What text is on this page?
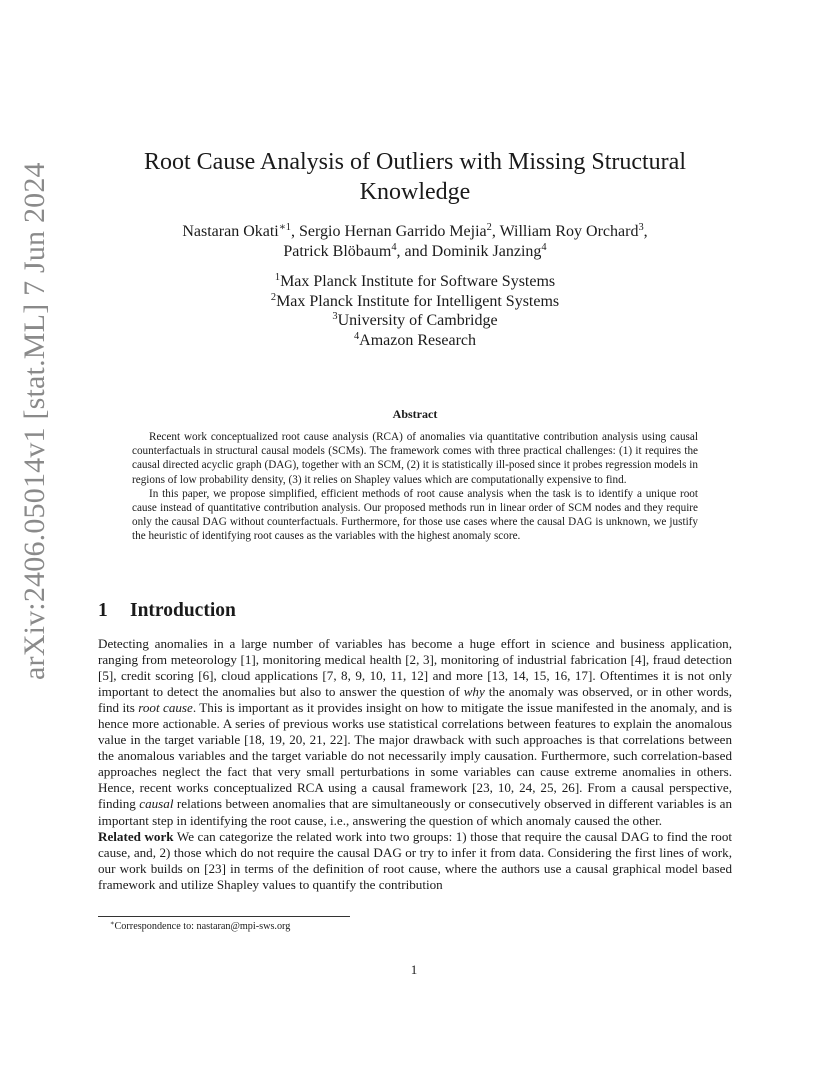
arXiv:2406.05014v1 [stat.ML] 7 Jun 2024
Root Cause Analysis of Outliers with Missing Structural Knowledge
Nastaran Okati$^{∗1}$, Sergio Hernan Garrido Mejia$^2$, William Roy Orchard$^3$,
Patrick Blöbaum$^4$, and Dominik Janzing$^4$
$^1$Max Planck Institute for Software Systems
$^2$Max Planck Institute for Intelligent Systems
$^3$University of Cambridge
$^4$Amazon Research
Abstract

Recent work conceptualized root cause analysis (RCA) of anomalies via quantitative contribution analysis using causal counterfactuals in structural causal models (SCMs). The framework comes with three practical challenges: (1) it requires the causal directed acyclic graph (DAG), together with an SCM, (2) it is statistically ill-posed since it probes regression models in regions of low probability density, (3) it relies on Shapley values which are computationally expensive to find.

In this paper, we propose simplified, efficient methods of root cause analysis when the task is to identify a unique root cause instead of quantitative contribution analysis. Our proposed methods run in linear order of SCM nodes and they require only the causal DAG without counterfactuals. Furthermore, for those use cases where the causal DAG is unknown, we justify the heuristic of identifying root causes as the variables with the highest anomaly score.

1 Introduction

Detecting anomalies in a large number of variables has become a huge effort in science and business application, ranging from meteorology [1], monitoring medical health [2, 3], monitoring of industrial fabrication [4], fraud detection [5], credit scoring [6], cloud applications [7, 8, 9, 10, 11, 12] and more [13, 14, 15, 16, 17]. Oftentimes it is not only important to detect the anomalies but also to answer the question of why the anomaly was observed, or in other words, find its root cause. This is important as it provides insight on how to mitigate the issue manifested in the anomaly, and is hence more actionable. A series of previous works use statistical correlations between features to explain the anomalous value in the target variable [18, 19, 20, 21, 22]. The major drawback with such approaches is that correlations between the anomalous variables and the target variable do not necessarily imply causation. Furthermore, such correlation-based approaches neglect the fact that very small perturbations in some variables can cause extreme anomalies in others. Hence, recent works conceptualized RCA using a causal framework [23, 10, 24, 25, 26]. From a causal perspective, finding causal relations between anomalies that are simultaneously or consecutively observed in different variables is an important step in identifying the root cause, i.e., answering the question of which anomaly caused the other.

Related work We can categorize the related work into two groups: 1) those that require the causal DAG to find the root cause, and, 2) those which do not require the causal DAG or try to infer it from data. Considering the first lines of work, our work builds on [23] in terms of the definition of root cause, where the authors use a causal graphical model based framework and utilize Shapley values to quantify the contribution

∗Correspondence to: nastaran@mpi-sws.org
1
